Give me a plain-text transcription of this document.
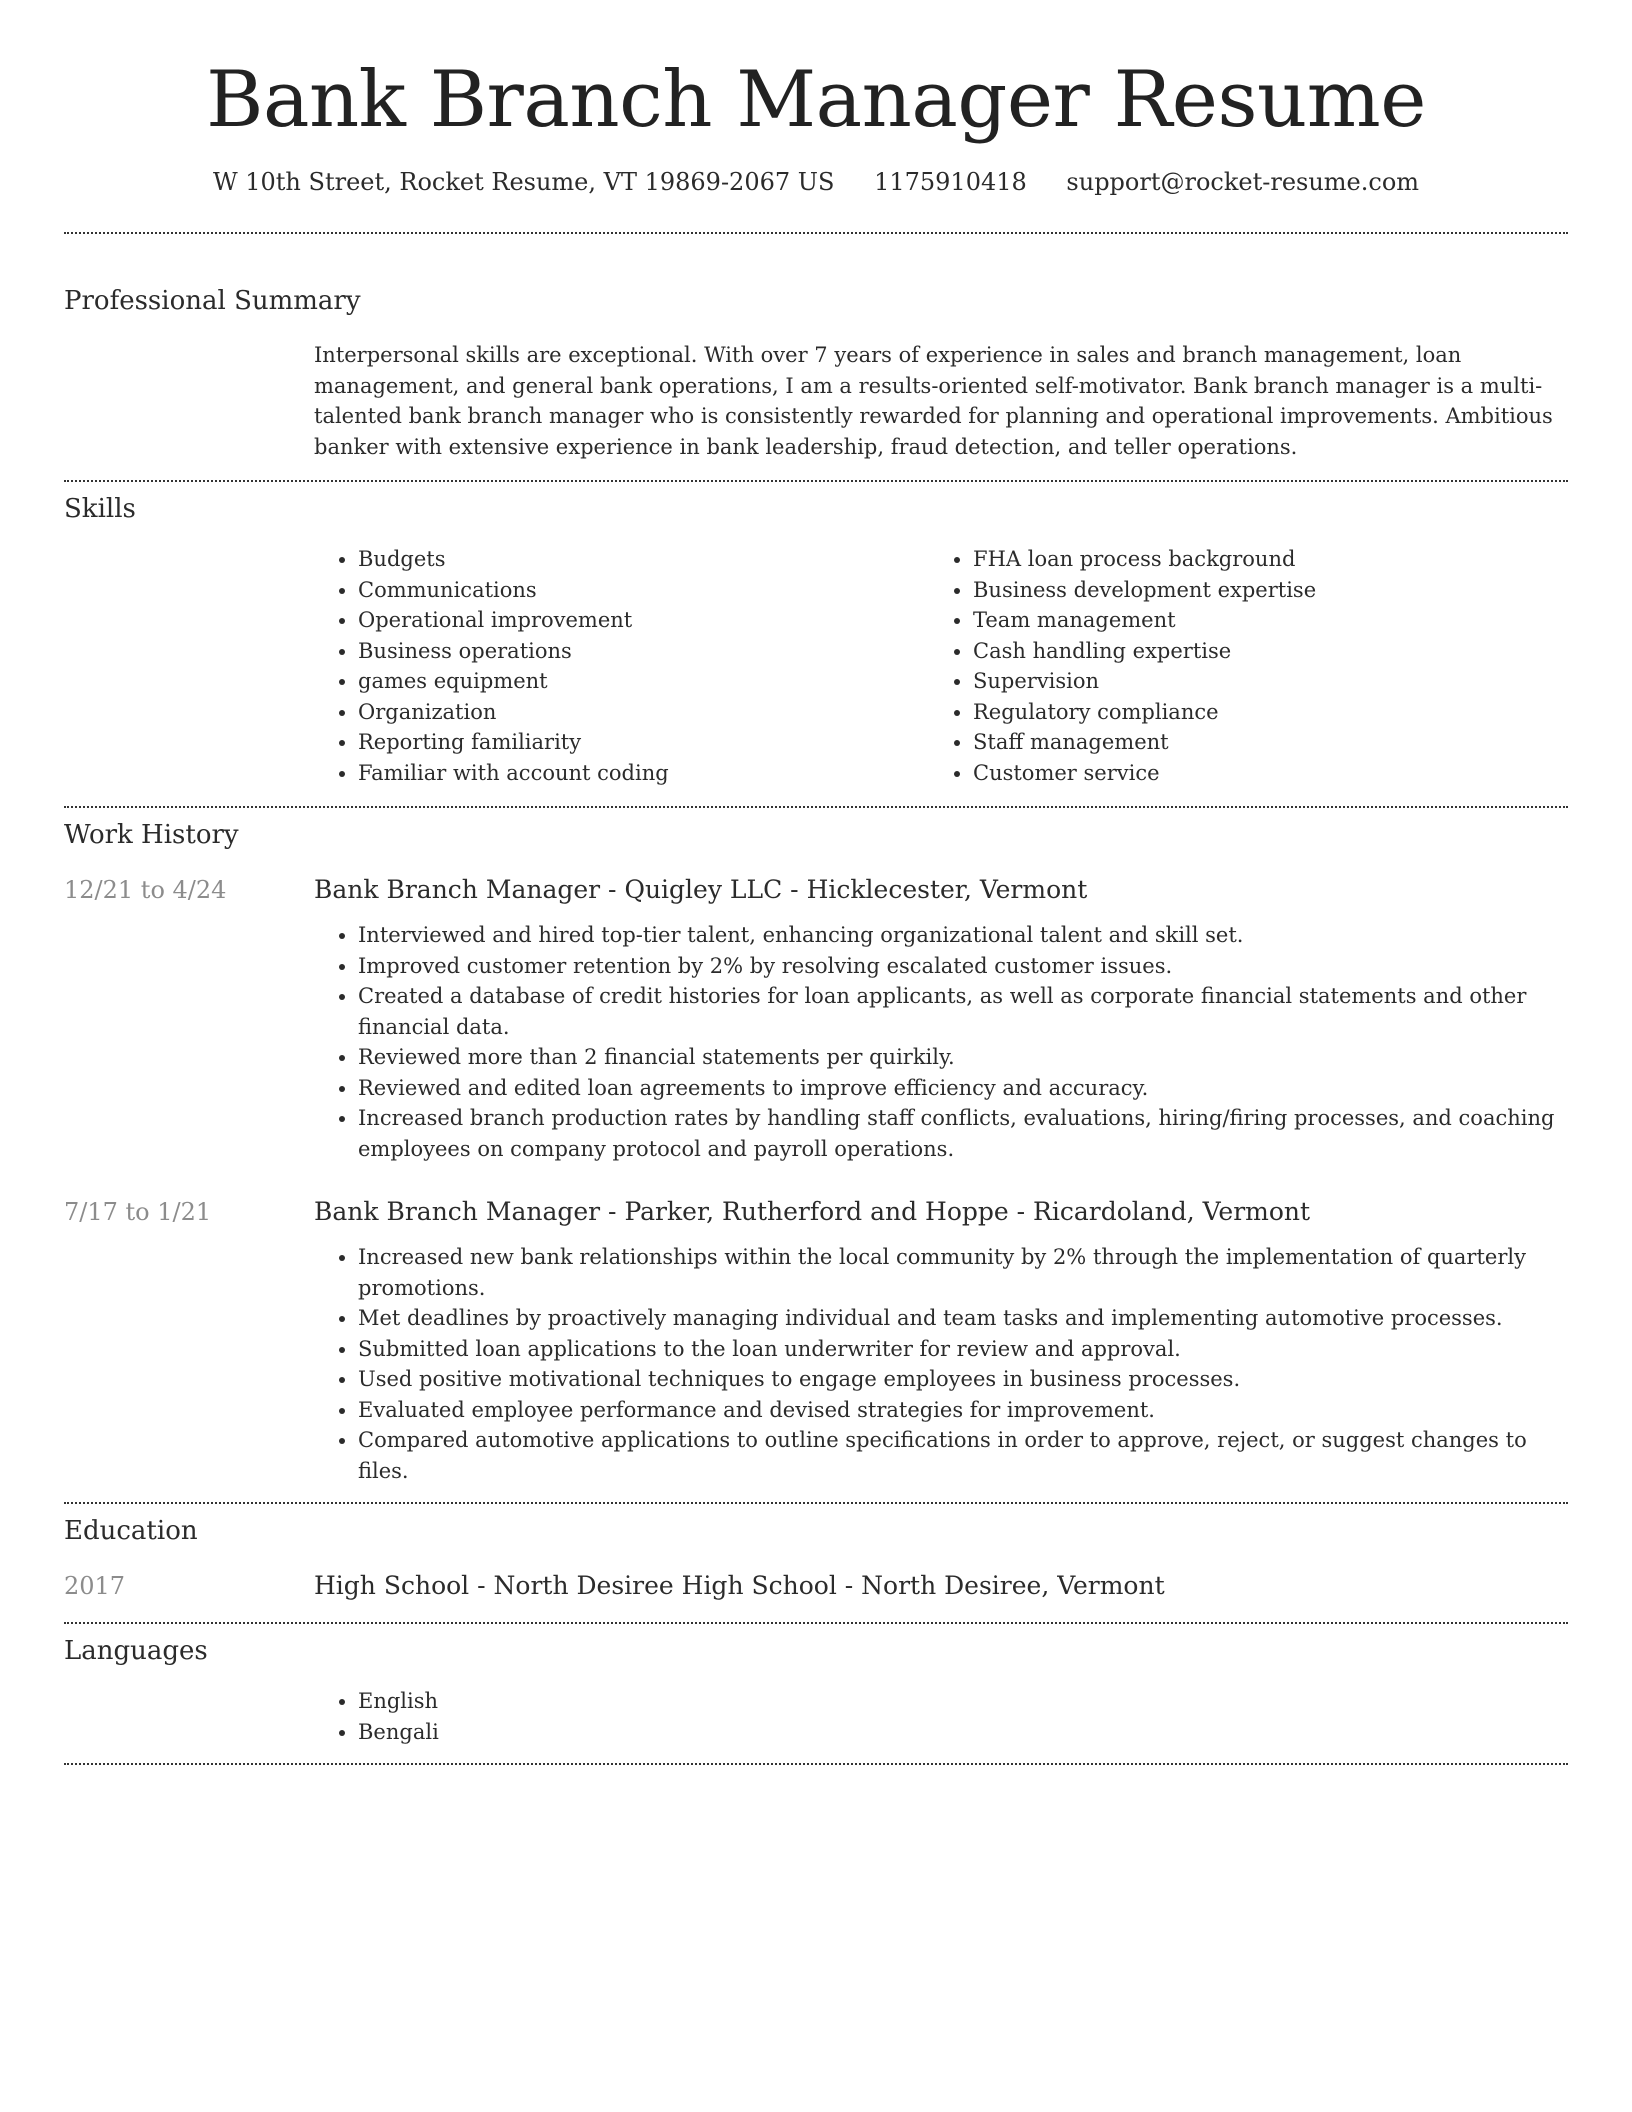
Bank Branch Manager Resume
W 10th Street, Rocket Resume, VT 19869-2067 US 1175910418 support@rocket-resume.com
Professional Summary

Interpersonal skills are exceptional. With over 7 years of experience in sales and branch management, loan management, and general bank operations, I am a results-oriented self-motivator. Bank branch manager is a multi-talented bank branch manager who is consistently rewarded for planning and operational improvements. Ambitious banker with extensive experience in bank leadership, fraud detection, and teller operations.

Skills
• Budgets
• Communications
• Operational improvement
• Business operations
• games equipment
• Organization
• Reporting familiarity
• Familiar with account coding
• FHA loan process background
• Business development expertise
• Team management
• Cash handling expertise
• Supervision
• Regulatory compliance
• Staff management
• Customer service
Work History
12/21 to 4/24	Bank Branch Manager - Quigley LLC - Hicklecester, Vermont
• Interviewed and hired top-tier talent, enhancing organizational talent and skill set.
• Improved customer retention by 2% by resolving escalated customer issues.
• Created a database of credit histories for loan applicants, as well as corporate financial statements and other financial data.
• Reviewed more than 2 financial statements per quirkily.
• Reviewed and edited loan agreements to improve efficiency and accuracy.
• Increased branch production rates by handling staff conflicts, evaluations, hiring/firing processes, and coaching employees on company protocol and payroll operations.
7/17 to 1/21	Bank Branch Manager - Parker, Rutherford and Hoppe - Ricardoland, Vermont
• Increased new bank relationships within the local community by 2% through the implementation of quarterly promotions.
• Met deadlines by proactively managing individual and team tasks and implementing automotive processes.
• Submitted loan applications to the loan underwriter for review and approval.
• Used positive motivational techniques to engage employees in business processes.
• Evaluated employee performance and devised strategies for improvement.
• Compared automotive applications to outline specifications in order to approve, reject, or suggest changes to files.
Education
2017	High School - North Desiree High School - North Desiree, Vermont
Languages
• English
• Bengali
